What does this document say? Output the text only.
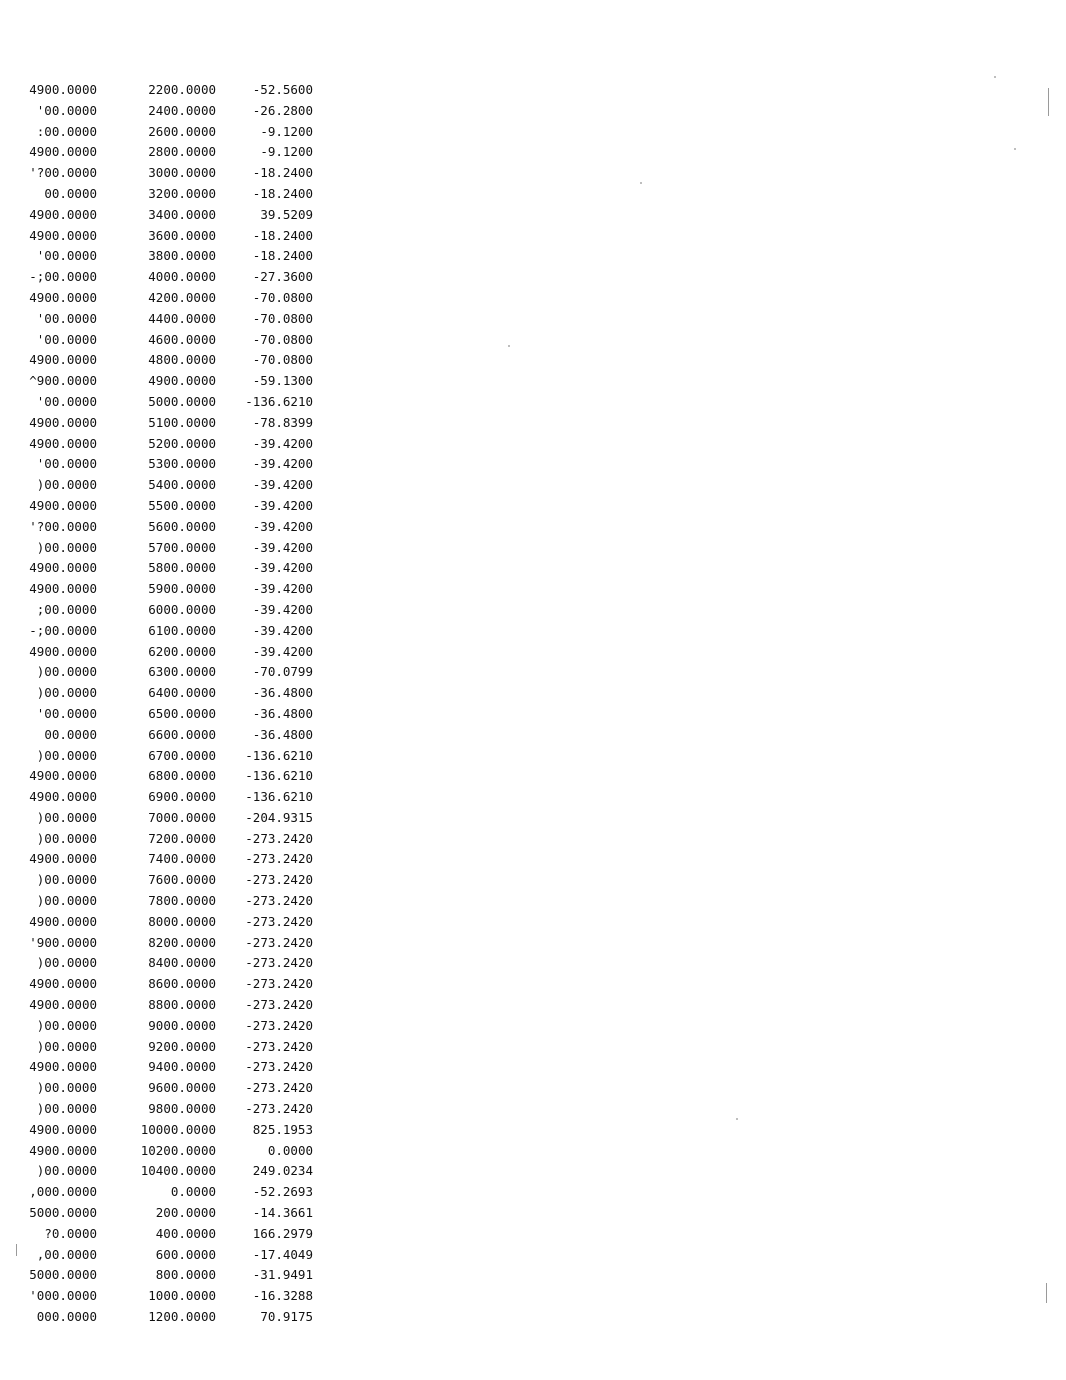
4900.0000	2200.0000	-52.5600
'00.0000	2400.0000	-26.2800
:00.0000	2600.0000	-9.1200
4900.0000	2800.0000	-9.1200
'?00.0000	3000.0000	-18.2400
00.0000	3200.0000	-18.2400
4900.0000	3400.0000	39.5209
4900.0000	3600.0000	-18.2400
'00.0000	3800.0000	-18.2400
-;00.0000	4000.0000	-27.3600
4900.0000	4200.0000	-70.0800
'00.0000	4400.0000	-70.0800
'00.0000	4600.0000	-70.0800
4900.0000	4800.0000	-70.0800
^900.0000	4900.0000	-59.1300
'00.0000	5000.0000	-136.6210
4900.0000	5100.0000	-78.8399
4900.0000	5200.0000	-39.4200
'00.0000	5300.0000	-39.4200
)00.0000	5400.0000	-39.4200
4900.0000	5500.0000	-39.4200
'?00.0000	5600.0000	-39.4200
)00.0000	5700.0000	-39.4200
4900.0000	5800.0000	-39.4200
4900.0000	5900.0000	-39.4200
;00.0000	6000.0000	-39.4200
-;00.0000	6100.0000	-39.4200
4900.0000	6200.0000	-39.4200
)00.0000	6300.0000	-70.0799
)00.0000	6400.0000	-36.4800
'00.0000	6500.0000	-36.4800
00.0000	6600.0000	-36.4800
)00.0000	6700.0000	-136.6210
4900.0000	6800.0000	-136.6210
4900.0000	6900.0000	-136.6210
)00.0000	7000.0000	-204.9315
)00.0000	7200.0000	-273.2420
4900.0000	7400.0000	-273.2420
)00.0000	7600.0000	-273.2420
)00.0000	7800.0000	-273.2420
4900.0000	8000.0000	-273.2420
'900.0000	8200.0000	-273.2420
)00.0000	8400.0000	-273.2420
4900.0000	8600.0000	-273.2420
4900.0000	8800.0000	-273.2420
)00.0000	9000.0000	-273.2420
)00.0000	9200.0000	-273.2420
4900.0000	9400.0000	-273.2420
)00.0000	9600.0000	-273.2420
)00.0000	9800.0000	-273.2420
4900.0000	10000.0000	825.1953
4900.0000	10200.0000	0.0000
)00.0000	10400.0000	249.0234
,000.0000	0.0000	-52.2693
5000.0000	200.0000	-14.3661
?0.0000	400.0000	166.2979
,00.0000	600.0000	-17.4049
5000.0000	800.0000	-31.9491
'000.0000	1000.0000	-16.3288
000.0000	1200.0000	70.9175
